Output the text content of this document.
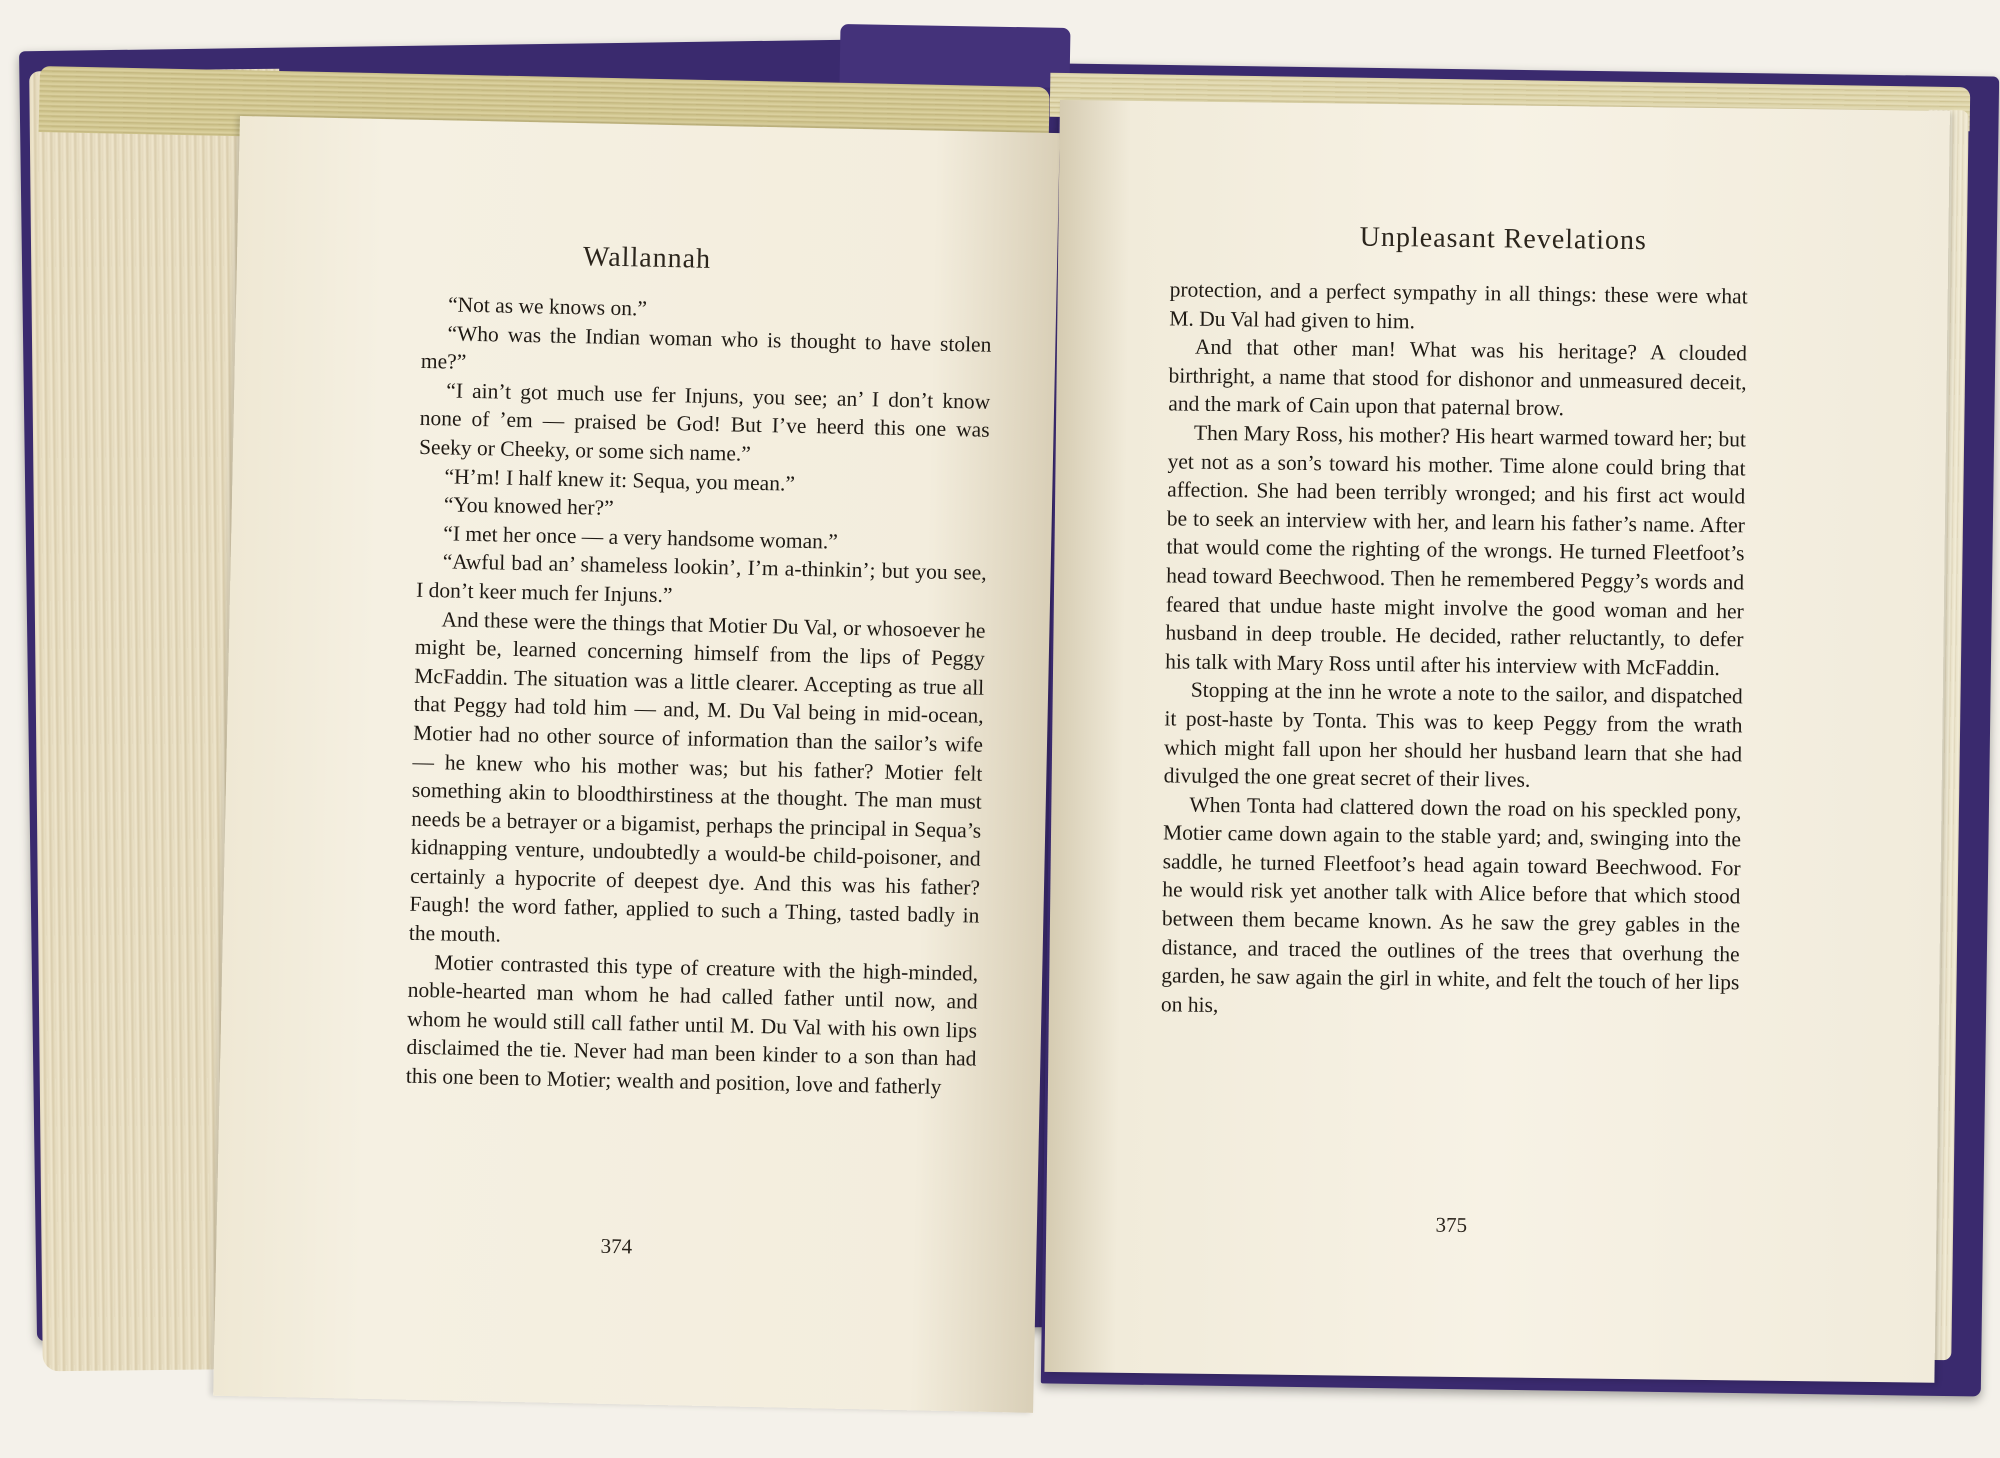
Wallannah

“Not as we knows on.”

“Who was the Indian woman who is thought to have stolen me?”

“I ain’t got much use fer Injuns, you see; an’ I don’t know none of ’em — praised be God! But I’ve heerd this one was Seeky or Cheeky, or some sich name.”

“H’m! I half knew it: Sequa, you mean.”

“You knowed her?”

“I met her once — a very handsome woman.”

“Awful bad an’ shameless lookin’, I’m a-thinkin’; but you see, I don’t keer much fer Injuns.”

And these were the things that Motier Du Val, or whosoever he might be, learned concerning himself from the lips of Peggy McFaddin. The situation was a little clearer. Accepting as true all that Peggy had told him — and, M. Du Val being in mid-ocean, Motier had no other source of information than the sailor’s wife — he knew who his mother was; but his father? Motier felt something akin to bloodthirstiness at the thought. The man must needs be a betrayer or a bigamist, perhaps the principal in Sequa’s kidnapping venture, undoubtedly a would-be child-poisoner, and certainly a hypocrite of deepest dye. And this was his father? Faugh! the word father, applied to such a Thing, tasted badly in the mouth.

Motier contrasted this type of creature with the high-minded, noble-hearted man whom he had called father until now, and whom he would still call father until M. Du Val with his own lips disclaimed the tie. Never had man been kinder to a son than had this one been to Motier; wealth and position, love and fatherly

374
Unpleasant Revelations

protection, and a perfect sympathy in all things: these were what M. Du Val had given to him.

And that other man! What was his heritage? A clouded birthright, a name that stood for dishonor and unmeasured deceit, and the mark of Cain upon that paternal brow.

Then Mary Ross, his mother? His heart warmed toward her; but yet not as a son’s toward his mother. Time alone could bring that affection. She had been terribly wronged; and his first act would be to seek an interview with her, and learn his father’s name. After that would come the righting of the wrongs. He turned Fleetfoot’s head toward Beechwood. Then he remembered Peggy’s words and feared that undue haste might involve the good woman and her husband in deep trouble. He decided, rather reluctantly, to defer his talk with Mary Ross until after his interview with McFaddin.

Stopping at the inn he wrote a note to the sailor, and dispatched it post-haste by Tonta. This was to keep Peggy from the wrath which might fall upon her should her husband learn that she had divulged the one great secret of their lives.

When Tonta had clattered down the road on his speckled pony, Motier came down again to the stable yard; and, swinging into the saddle, he turned Fleetfoot’s head again toward Beechwood. For he would risk yet another talk with Alice before that which stood between them became known. As he saw the grey gables in the distance, and traced the outlines of the trees that overhung the garden, he saw again the girl in white, and felt the touch of her lips on his,

375
